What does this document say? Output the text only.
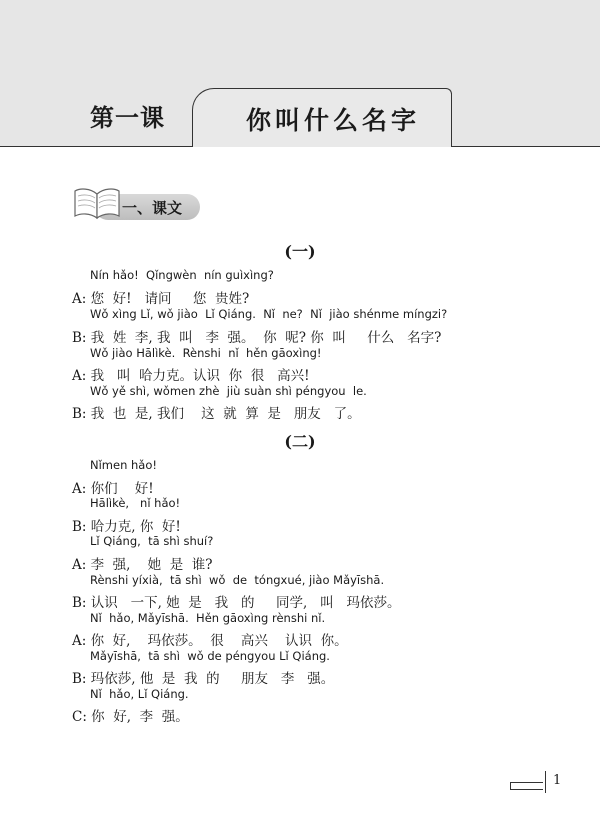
第一课	你叫什么名字
一、课文
(一)
Nín hǎo!  Qǐngwèn  nín guìxìng?
A: 您  好!   请问     您  贵姓?
Wǒ xìng Lǐ, wǒ jiào  Lǐ Qiáng.  Nǐ  ne?  Nǐ  jiào shénme míngzi?
B: 我  姓  李, 我  叫   李  强。  你  呢? 你  叫     什么   名字?
Wǒ jiào Hālìkè.  Rènshi  nǐ  hěn gāoxìng!
A: 我   叫  哈力克。认识  你  很   高兴!
Wǒ yě shì, wǒmen zhè  jiù suàn shì péngyou  le.
B: 我  也  是, 我们    这  就  算  是   朋友   了。
(二)
Nǐmen hǎo!
A: 你们    好!
Hālìkè,   nǐ hǎo!
B: 哈力克, 你  好!
Lǐ Qiáng,  tā shì shuí?
A: 李  强,    她  是  谁?
Rènshi yíxià,  tā shì  wǒ  de  tóngxué, jiào Mǎyīshā.
B: 认识   一下, 她  是   我   的     同学,   叫   玛依莎。
Nǐ  hǎo, Mǎyīshā.  Hěn gāoxìng rènshi nǐ.
A: 你  好,    玛依莎。  很    高兴    认识  你。
Mǎyīshā,  tā shì  wǒ de péngyou Lǐ Qiáng.
B: 玛依莎, 他  是  我  的     朋友   李   强。
Nǐ  hǎo, Lǐ Qiáng.
C: 你  好,  李  强。
1
